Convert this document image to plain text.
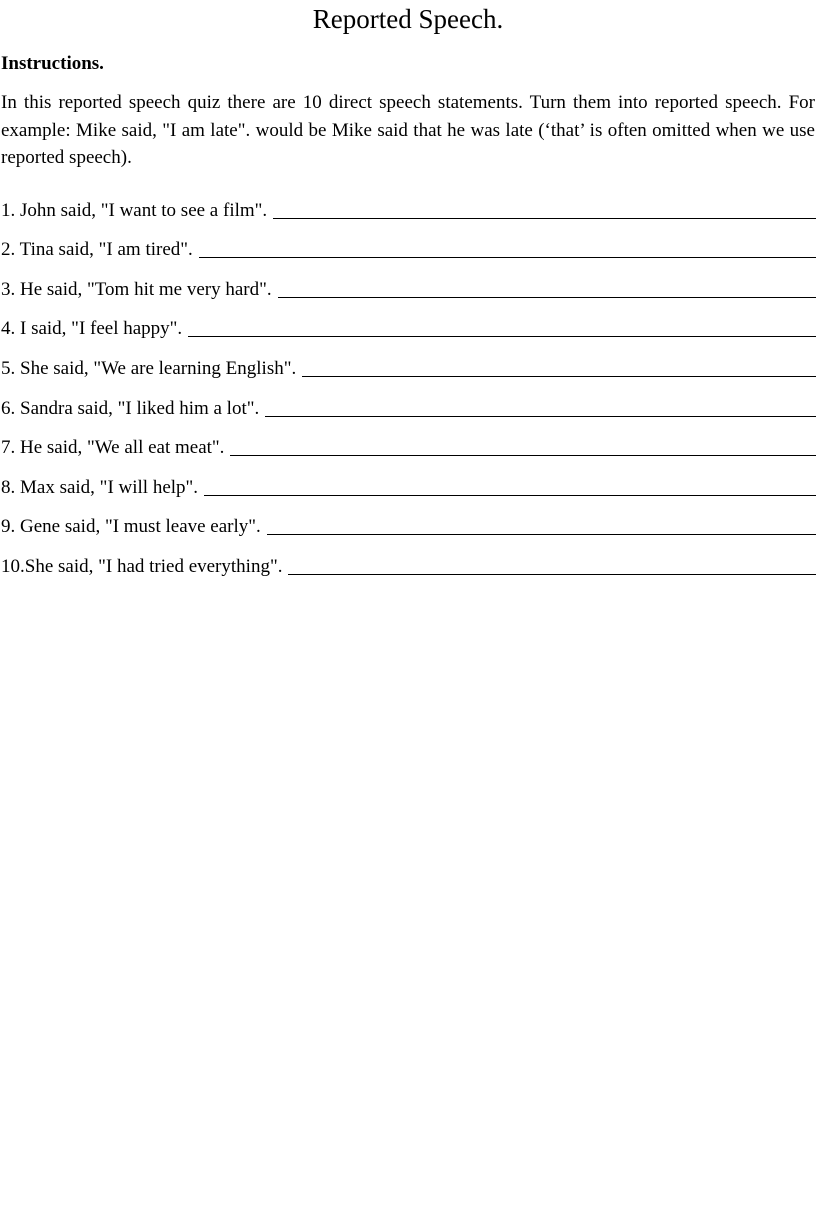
Reported Speech.
Instructions.

In this reported speech quiz there are 10 direct speech statements. Turn them into reported speech. For example: Mike said, "I am late". would be Mike said that he was late (‘that’ is often omitted when we use reported speech).

1. John said, "I want to see a film".
2. Tina said, "I am tired".
3. He said, "Tom hit me very hard".
4. I said, "I feel happy".
5. She said, "We are learning English".
6. Sandra said, "I liked him a lot".
7. He said, "We all eat meat".
8. Max said, "I will help".
9. Gene said, "I must leave early".
10.She said, "I had tried everything".
